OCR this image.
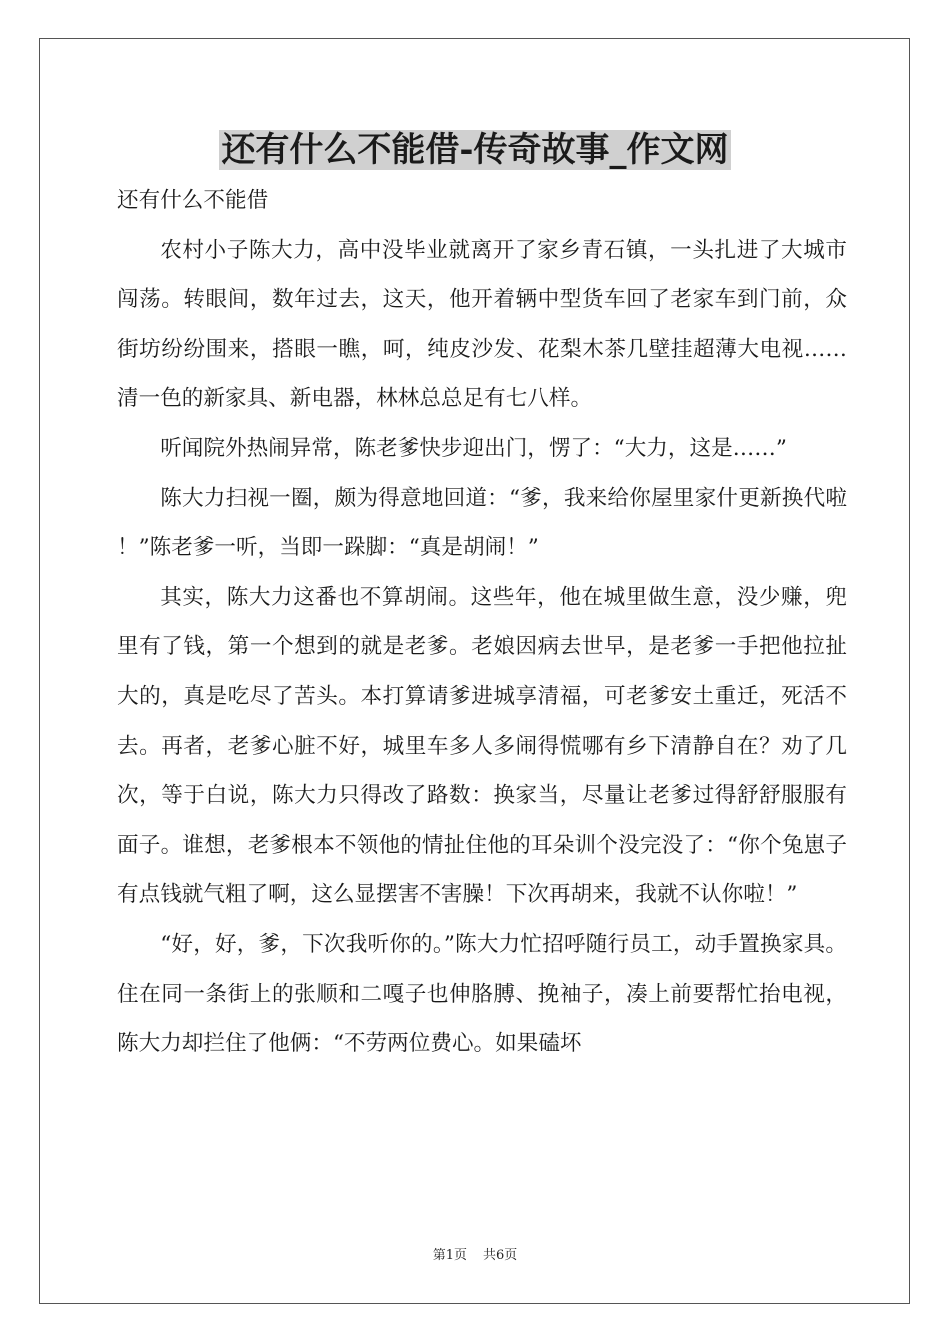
还有什么不能借-传奇故事_作文网

还有什么不能借

农村小子陈大力，高中没毕业就离开了家乡青石镇，一头扎进了大城市闯荡。转眼间，数年过去，这天，他开着辆中型货车回了老家车到门前，众街坊纷纷围来，搭眼一瞧，呵，纯皮沙发、花梨木茶几壁挂超薄大电视……清一色的新家具、新电器，林林总总足有七八样。

听闻院外热闹异常，陈老爹快步迎出门，愣了：“大力，这是……”

陈大力扫视一圈，颇为得意地回道：“爹，我来给你屋里家什更新换代啦！”陈老爹一听，当即一跺脚：“真是胡闹！”

其实，陈大力这番也不算胡闹。这些年，他在城里做生意，没少赚，兜里有了钱，第一个想到的就是老爹。老娘因病去世早，是老爹一手把他拉扯大的，真是吃尽了苦头。本打算请爹进城享清福，可老爹安土重迁，死活不去。再者，老爹心脏不好，城里车多人多闹得慌哪有乡下清静自在？劝了几次，等于白说，陈大力只得改了路数：换家当，尽量让老爹过得舒舒服服有面子。谁想，老爹根本不领他的情扯住他的耳朵训个没完没了：“你个兔崽子有点钱就气粗了啊，这么显摆害不害臊！下次再胡来，我就不认你啦！”

“好，好，爹，下次我听你的。”陈大力忙招呼随行员工，动手置换家具。住在同一条街上的张顺和二嘎子也伸胳膊、挽袖子，凑上前要帮忙抬电视，陈大力却拦住了他俩：“不劳两位费心。如果磕坏

第1页 共6页
